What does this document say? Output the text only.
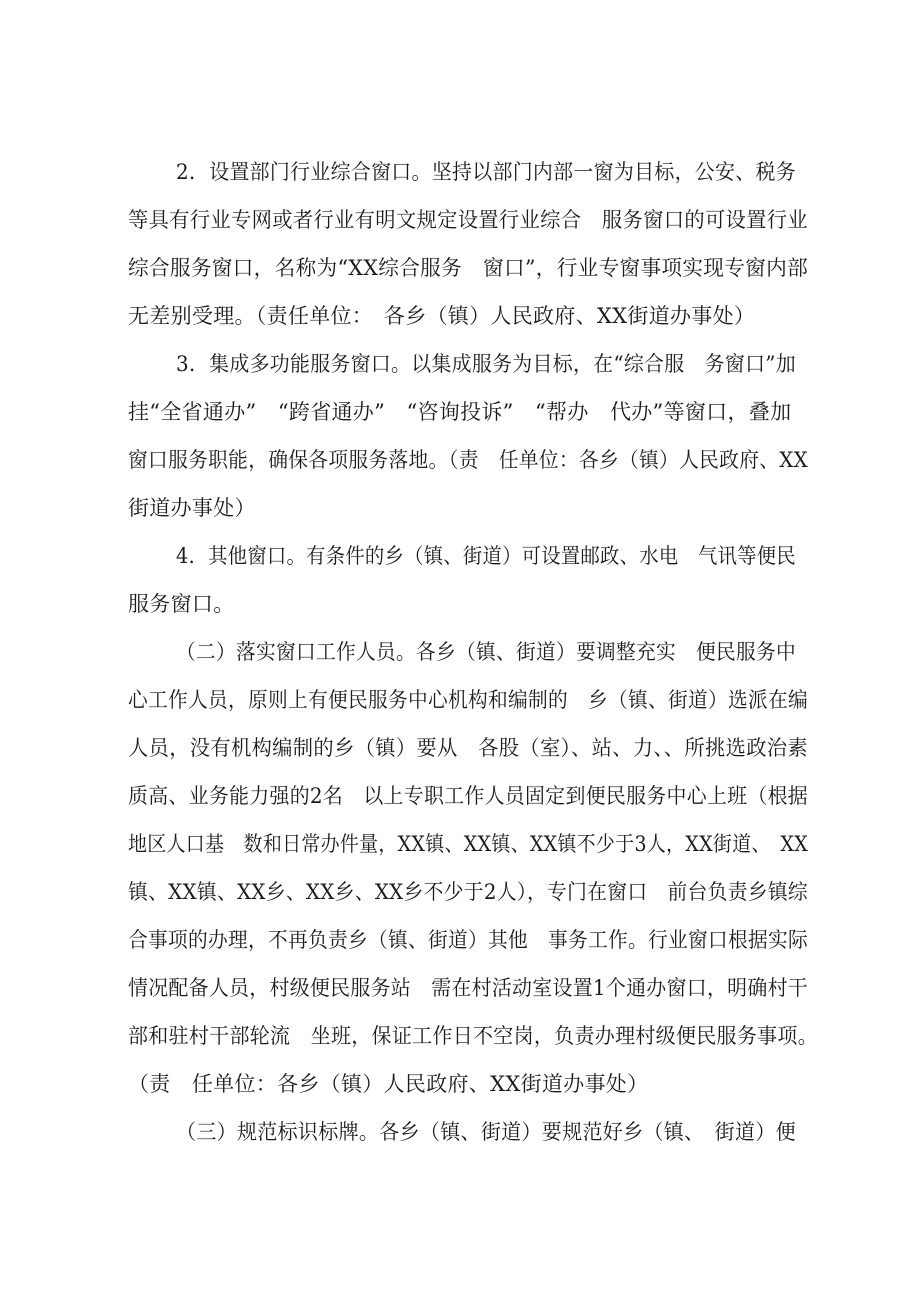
2．设置部门行业综合窗口。坚持以部门内部一窗为目标，公安、税务
等具有行业专网或者行业有明文规定设置行业综合　服务窗口的可设置行业
综合服务窗口，名称为“XX综合服务　窗口”，行业专窗事项实现专窗内部
无差别受理。（责任单位：　各乡（镇）人民政府、XX街道办事处）
3．集成多功能服务窗口。以集成服务为目标，在“综合服　务窗口”加
挂“全省通办”　“跨省通办”　“咨询投诉”　“帮办　代办”等窗口，叠加
窗口服务职能，确保各项服务落地。（责　任单位：各乡（镇）人民政府、XX
街道办事处）
4．其他窗口。有条件的乡（镇、街道）可设置邮政、水电　气讯等便民
服务窗口。
（二）落实窗口工作人员。各乡（镇、街道）要调整充实　便民服务中
心工作人员，原则上有便民服务中心机构和编制的　乡（镇、街道）选派在编
人员，没有机构编制的乡（镇）要从　各股（室）、站、力、、所挑选政治素
质高、业务能力强的2名　以上专职工作人员固定到便民服务中心上班（根据
地区人口基　数和日常办件量，XX镇、XX镇、XX镇不少于3人，XX街道、　XX
镇、XX镇、XX乡、XX乡、XX乡不少于2人），专门在窗口　前台负责乡镇综
合事项的办理，不再负责乡（镇、街道）其他　事务工作。行业窗口根据实际
情况配备人员，村级便民服务站　需在村活动室设置1个通办窗口，明确村干
部和驻村干部轮流　坐班，保证工作日不空岗，负责办理村级便民服务事项。
（责　任单位：各乡（镇）人民政府、XX街道办事处）
（三）规范标识标牌。各乡（镇、街道）要规范好乡（镇、　街道）便
